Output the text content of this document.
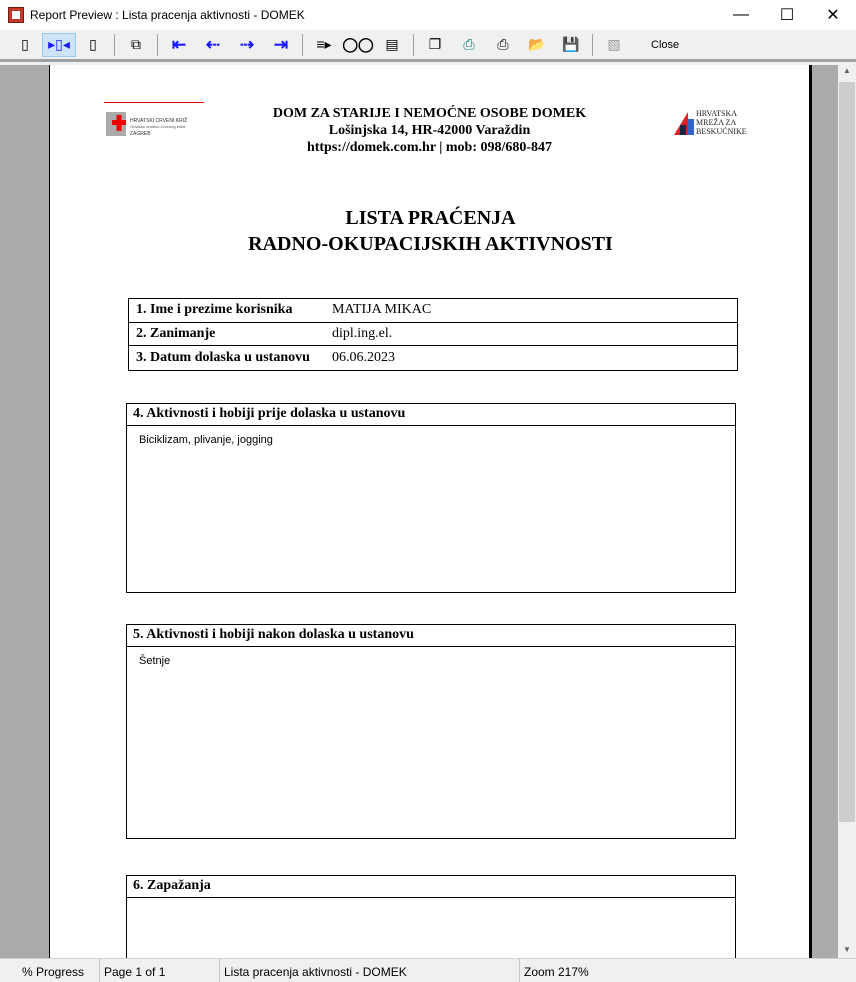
Report Preview : Lista pracenja aktivnosti - DOMEK	—	☐	✕
▯	▸▯◂	▯	⧉	⇤	⇠	⇢	⇥	≡▸ ◯◯ ▤	❐	⎙	⎙	📂	💾	▧	Close
HRVATSKI CRVENI KRIŽ
Gradsko društvo Crvenog križa
ZAGREB
HRVATSKA
MREŽA ZA
BESKUĆNIKE
DOM ZA STARIJE I NEMOĆNE OSOBE DOMEK
Lošinjska 14, HR-42000 Varaždin
https://domek.com.hr | mob: 098/680-847
LISTA PRAĆENJA
RADNO-OKUPACIJSKIH AKTIVNOSTI
1. Ime i prezime korisnika	MATIJA MIKAC
2. Zanimanje	dipl.ing.el.
3. Datum dolaska u ustanovu	06.06.2023
4. Aktivnosti i hobiji prije dolaska u ustanovu
Biciklizam, plivanje, jogging
5. Aktivnosti i hobiji nakon dolaska u ustanovu
Šetnje
6. Zapažanja
▲
▼
% Progress	Page 1 of 1	Lista pracenja aktivnosti - DOMEK	Zoom 217%
